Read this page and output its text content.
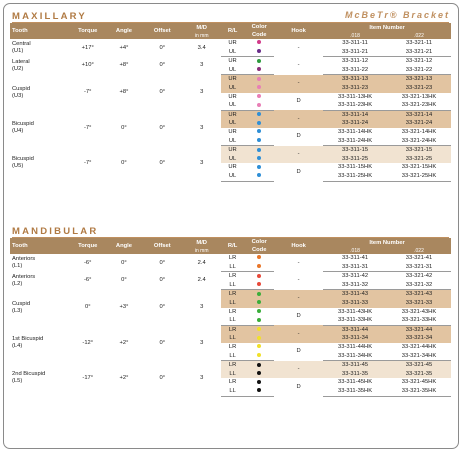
MAXILLARY	McBeTr® Bracket
Tooth	Torque	Angle	Offset	M/D	R/L	Color Code	Hook	Item Number	
				in mm				.018	.022

Central
(U1)	+17°	+4°	0°	3.4	UR		-	33-311-11	33-321-11
					UL			33-311-21	33-321-21

Lateral
(U2)	+10°	+8°	0°	3	UR		-	33-311-12	33-321-12
					UL			33-311-22	33-321-22

Cuspid
(U3)	-7°	+8°	0°	3	UR		-	33-311-13	33-321-13
					UL			33-311-23	33-321-23
					UR		D	33-311-13HK	33-321-13HK
					UL			33-311-23HK	33-321-23HK

Bicuspid
(U4)	-7°	0°	0°	3	UR		-	33-311-14	33-321-14
					UL			33-311-24	33-321-24
					UR		D	33-311-14HK	33-321-14HK
					UL			33-311-24HK	33-321-24HK

Bicuspid
(U5)	-7°	0°	0°	3	UR		-	33-311-15	33-321-15
					UL			33-311-25	33-321-25
					UR		D	33-311-15HK	33-321-15HK
					UL			33-311-25HK	33-321-25HK
MANDIBULAR
Tooth	Torque	Angle	Offset	M/D	R/L	Color Code	Hook	Item Number	
				in mm				.018	.022

Anteriors
(L1)	-6°	0°	0°	2.4	LR		-	33-311-41	33-321-41
					LL			33-311-31	33-321-31

Anteriors
(L2)	-6°	0°	0°	2.4	LR		-	33-311-42	33-321-42
					LL			33-311-32	33-321-32

Cuspid
(L3)	0°	+3°	0°	3	LR		-	33-311-43	33-321-43
					LL			33-311-33	33-321-33
					LR		D	33-311-43HK	33-321-43HK
					LL			33-311-33HK	33-321-33HK

1st Bicuspid
(L4)	-12°	+2°	0°	3	LR		-	33-311-44	33-321-44
					LL			33-311-34	33-321-34
					LR		D	33-311-44HK	33-321-44HK
					LL			33-311-34HK	33-321-34HK

2nd Bicuspid
(L5)	-17°	+2°	0°	3	LR		-	33-311-45	33-321-45
					LL			33-311-35	33-321-35
					LR		D	33-311-45HK	33-321-45HK
					LL			33-311-35HK	33-321-35HK
